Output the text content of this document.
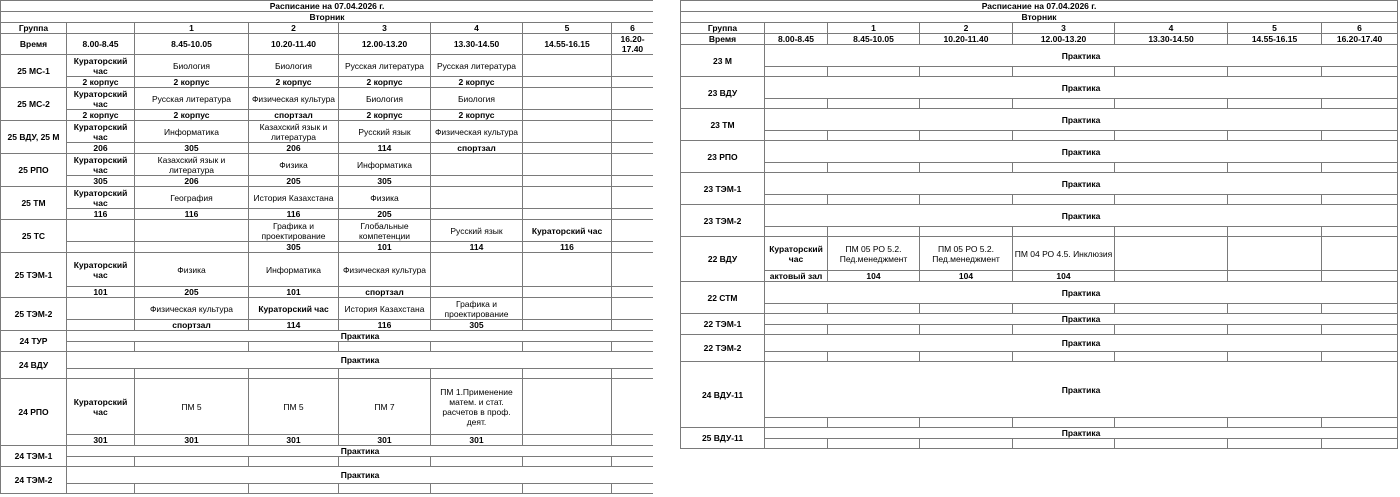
Расписание на 07.04.2026 г.							
Вторник							
Группа		1	2	3	4	5	6
Время	8.00-8.45	8.45-10.05	10.20-11.40	12.00-13.20	13.30-14.50	14.55-16.15	16.20-17.40
25 МС-1	Кураторский час	Биология	Биология	Русская литература	Русская литература		
	2 корпус	2 корпус	2 корпус	2 корпус	2 корпус		
25 МС-2	Кураторский час	Русская литература	Физическая культура	Биология	Биология		
	2 корпус	2 корпус	спортзал	2 корпус	2 корпус		
25 ВДУ, 25 М	Кураторский час	Информатика	Казахский язык и литература	Русский язык	Физическая культура		
	206	305	206	114	спортзал		
25 РПО	Кураторский час	Казахский язык и литература	Физика	Информатика			
	305	206	205	305			
25 ТМ	Кураторский час	География	История Казахстана	Физика			
	116	116	116	205			
25 ТС			Графика и проектирование	Глобальные компетенции	Русский язык	Кураторский час	
			305	101	114	116	
25 ТЭМ-1	Кураторский час	Физика	Информатика	Физическая культура			
	101	205	101	спортзал			
25 ТЭМ-2		Физическая культура	Кураторский час	История Казахстана	Графика и проектирование		
		спортзал	114	116	305		
24 ТУР	Практика						

24 ВДУ	Практика						

24 РПО	Кураторский час	ПМ 5	ПМ 5	ПМ 7	ПМ 1.Применение матем. и стат. расчетов в проф. деят.		
	301	301	301	301	301		
24 ТЭМ-1	Практика						

24 ТЭМ-2	Практика						

Расписание на 07.04.2026 г.							
Вторник							
Группа		1	2	3	4	5	6
Время	8.00-8.45	8.45-10.05	10.20-11.40	12.00-13.20	13.30-14.50	14.55-16.15	16.20-17.40
23 М	Практика						

23 ВДУ	Практика						

23 ТМ	Практика						

23 РПО	Практика						

23 ТЭМ-1	Практика						

23 ТЭМ-2	Практика						

22 ВДУ	Кураторский час	ПМ 05 РО 5.2. Пед.менеджмент	ПМ 05 РО 5.2. Пед.менеджмент	ПМ 04 РО 4.5. Инклюзия			
	актовый зал	104	104	104			
22 СТМ	Практика						

22 ТЭМ-1	Практика						

22 ТЭМ-2	Практика						

24 ВДУ-11	Практика						

25 ВДУ-11	Практика						
